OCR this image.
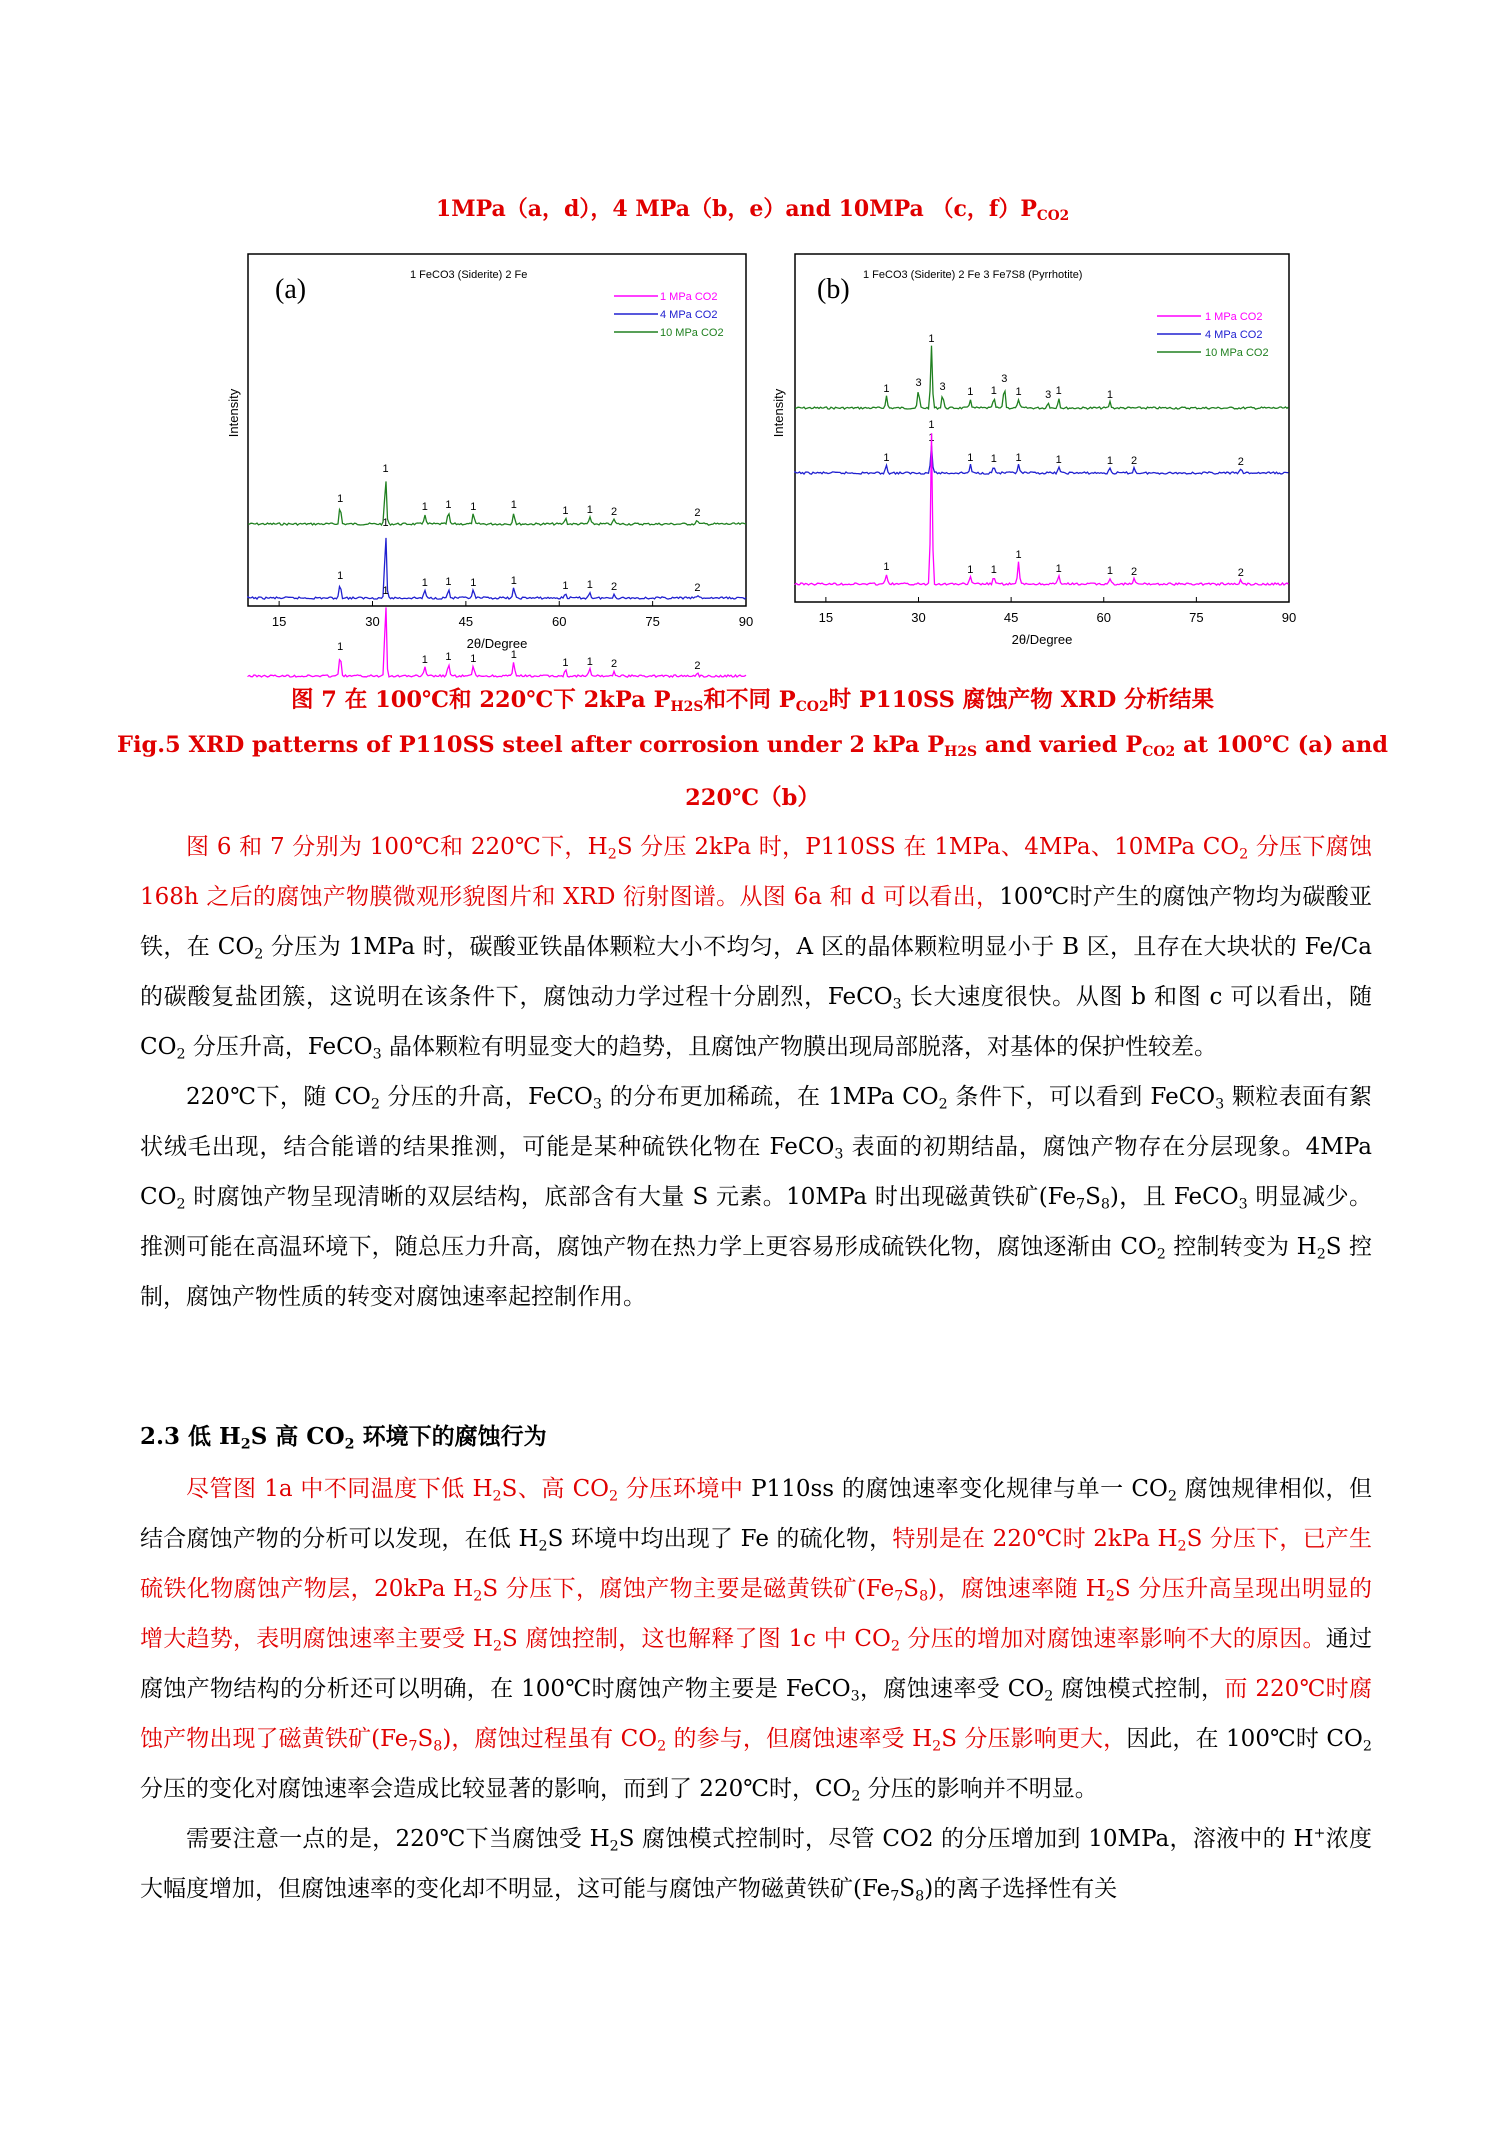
1MPa（a，d），4 MPa（b，e）and 10MPa （c，$f)P_{CO2}$
Intensity
(a)	1 FeCO3 (Siderite) 2 Fe
1 MPa CO2
4 MPa CO2
10 MPa CO2
1
1
1 1 1	1	1 1 2	2
1
1
1 1 1	1	1 1 2	2
1
1
1 1 1	1
1 1 2	2
15	30	45	60	75	90
2θ/Degree
Intensity
(b) 1 FeCO3 (Siderite) 2 Fe 3 Fe7S8 (Pyrrhotite)
1 MPa CO2
4 MPa CO2
10 MPa CO2
1 3
1
3 1 1
3
1 3 1	1
1
1
1 1 1	1	1 2	2
1
1
1 1
1
1	1 2	2
15	30	45	60	75	90
2θ/Degree
图 7 在 100℃和 220℃下 2kPa $P_{H2S}$和不同 $P_{CO2}$时 P110SS 腐蚀产物 XRD 分析结果
Fig.5 XRD patterns of P110SS steel after corrosion under 2 kPa $P_{H2S}$ and varied $P_{CO2}$ at 100℃ (a) and
220℃（b）

图 6 和 7 分别为 100℃和 220℃下，$H_2S$ 分压 2kPa 时，P110SS 在 1MPa、4MPa、10MPa $CO_2$ 分压下腐蚀 168h 之后的腐蚀产物膜微观形貌图片和 XRD 衍射图谱。从图 6a 和 d 可以看出，100℃时产生的腐蚀产物均为碳酸亚铁，在 $CO_2$ 分压为 1MPa 时，碳酸亚铁晶体颗粒大小不均匀，A 区的晶体颗粒明显小于 B 区，且存在大块状的 Fe/Ca 的碳酸复盐团簇，这说明在该条件下，腐蚀动力学过程十分剧烈，FeCO$_3$ 长大速度很快。从图 b 和图 c 可以看出，随 $CO_2$ 分压升高，FeCO$_3$ 晶体颗粒有明显变大的趋势，且腐蚀产物膜出现局部脱落，对基体的保护性较差。

220℃下，随 $CO_2$ 分压的升高，FeCO$_3$ 的分布更加稀疏，在 1MPa $CO_2$ 条件下，可以看到 FeCO$_3$ 颗粒表面有絮状绒毛出现，结合能谱的结果推测，可能是某种硫铁化物在 FeCO$_3$ 表面的初期结晶，腐蚀产物存在分层现象。4MPa $CO_2$ 时腐蚀产物呈现清晰的双层结构，底部含有大量 S 元素。10MPa 时出现磁黄铁矿$(Fe_7S_8)$，且 FeCO$_3$ 明显减少。推测可能在高温环境下，随总压力升高，腐蚀产物在热力学上更容易形成硫铁化物，腐蚀逐渐由 $CO_2$ 控制转变为 $H_2S$ 控制，腐蚀产物性质的转变对腐蚀速率起控制作用。

2.3 低 $H_2S$ 高 $CO_2$ 环境下的腐蚀行为

尽管图 1a 中不同温度下低 $H_2S$、高 $CO_2$ 分压环境中 P110ss 的腐蚀速率变化规律与单一 $CO_2$ 腐蚀规律相似，但结合腐蚀产物的分析可以发现，在低 $H_2S$ 环境中均出现了 Fe 的硫化物，特别是在 220℃时 2kPa $H_2S$ 分压下，已产生硫铁化物腐蚀产物层，20kPa $H_2S$ 分压下，腐蚀产物主要是磁黄铁矿$(Fe_7S_8)$，腐蚀速率随 $H_2S$ 分压升高呈现出明显的增大趋势，表明腐蚀速率主要受 $H_2S$ 腐蚀控制，这也解释了图 1c 中 $CO_2$ 分压的增加对腐蚀速率影响不大的原因。通过腐蚀产物结构的分析还可以明确，在 100℃时腐蚀产物主要是 FeCO$_3$，腐蚀速率受 $CO_2$ 腐蚀模式控制，而 220℃时腐蚀产物出现了磁黄铁矿$(Fe_7S_8)$，腐蚀过程虽有 $CO_2$ 的参与，但腐蚀速率受 $H_2S$ 分压影响更大，因此，在 100℃时 $CO_2$ 分压的变化对腐蚀速率会造成比较显著的影响，而到了 220℃时，$CO_2$ 分压的影响并不明显。

需要注意一点的是，220℃下当腐蚀受 $H_2S$ 腐蚀模式控制时，尽管 CO2 的分压增加到 10MPa，溶液中的 H+浓度大幅度增加，但腐蚀速率的变化却不明显，这可能与腐蚀产物磁黄铁矿$(Fe_7S_8)$的离子选择性有关
